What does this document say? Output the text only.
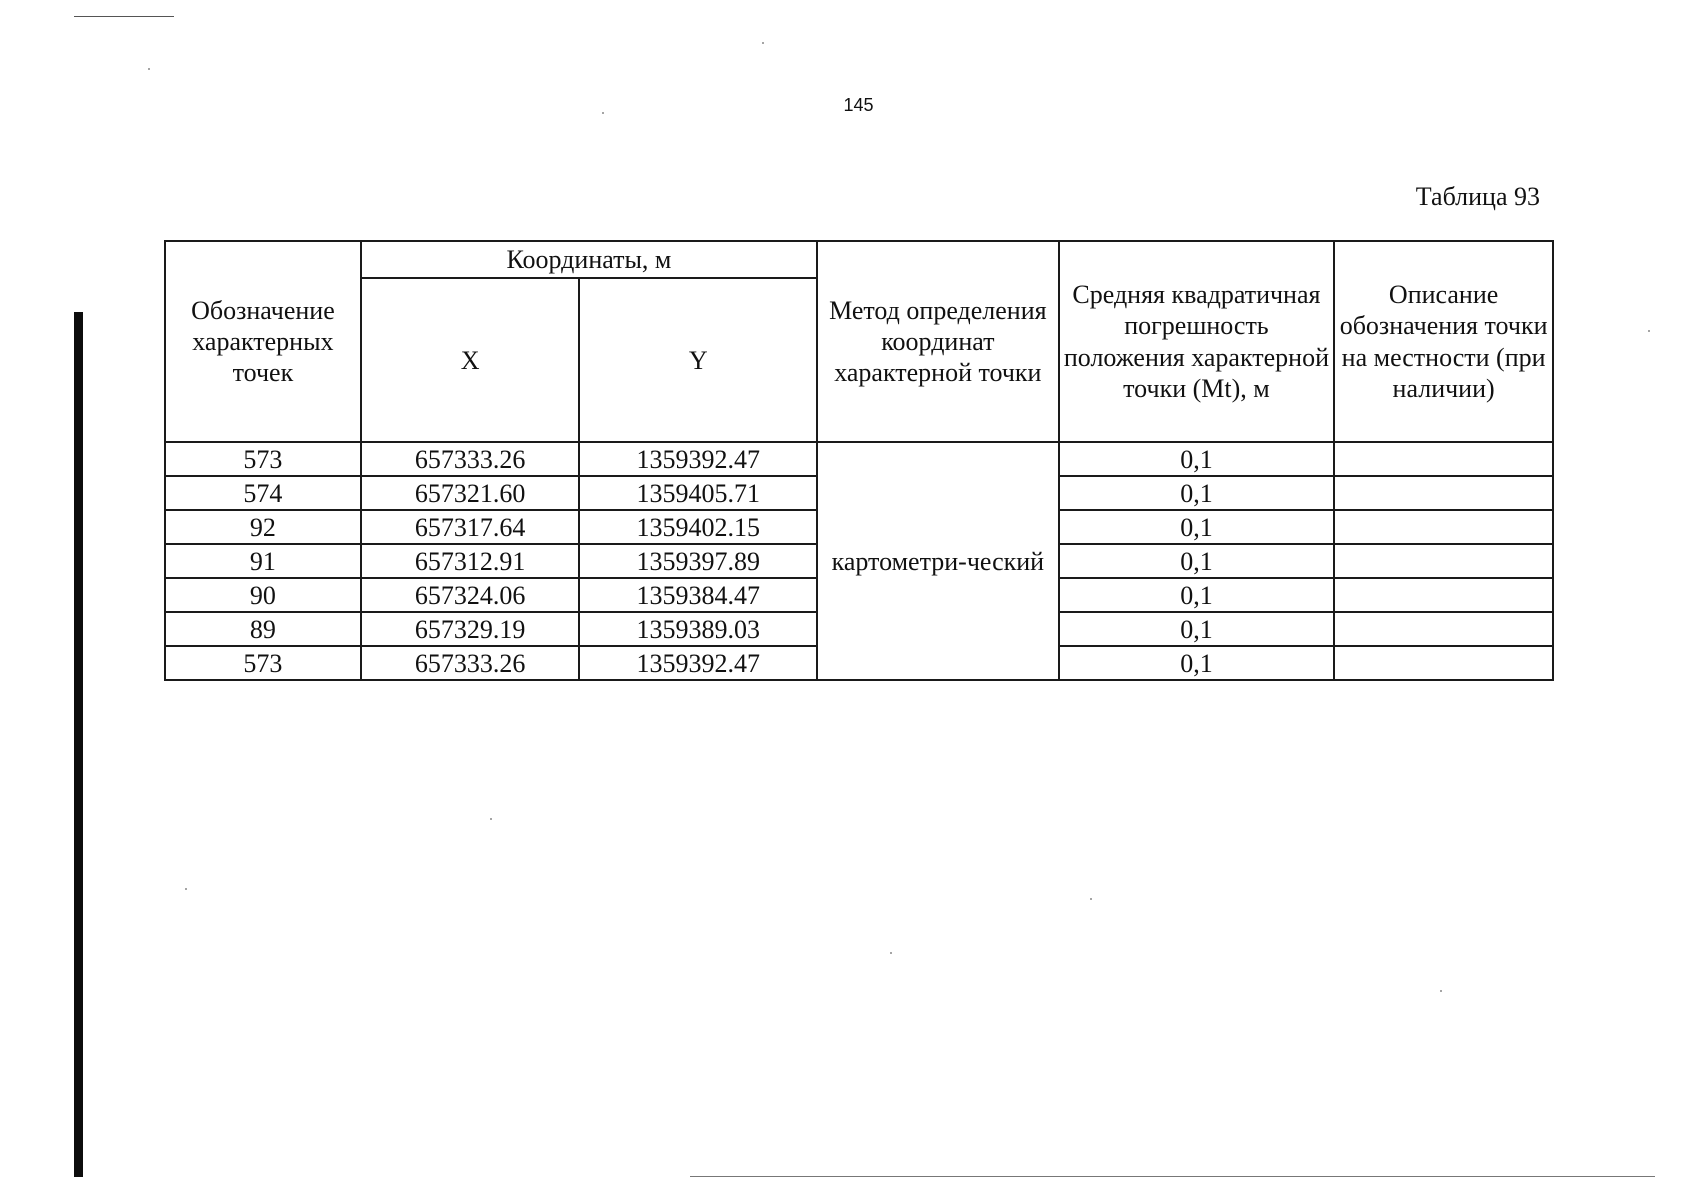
145
Таблица 93
Обозначение характерных точек	Координаты, м		Метод определения координат характерной точки	Средняя квадратичная погрешность положения характерной точки (Mt), м	Описание обозначения точки на местности (при наличии)
	X	Y			
573	657333.26	1359392.47	картометри-ческий	0,1	
574	657321.60	1359405.71		0,1	
92	657317.64	1359402.15		0,1	
91	657312.91	1359397.89		0,1	
90	657324.06	1359384.47		0,1	
89	657329.19	1359389.03		0,1	
573	657333.26	1359392.47		0,1	
